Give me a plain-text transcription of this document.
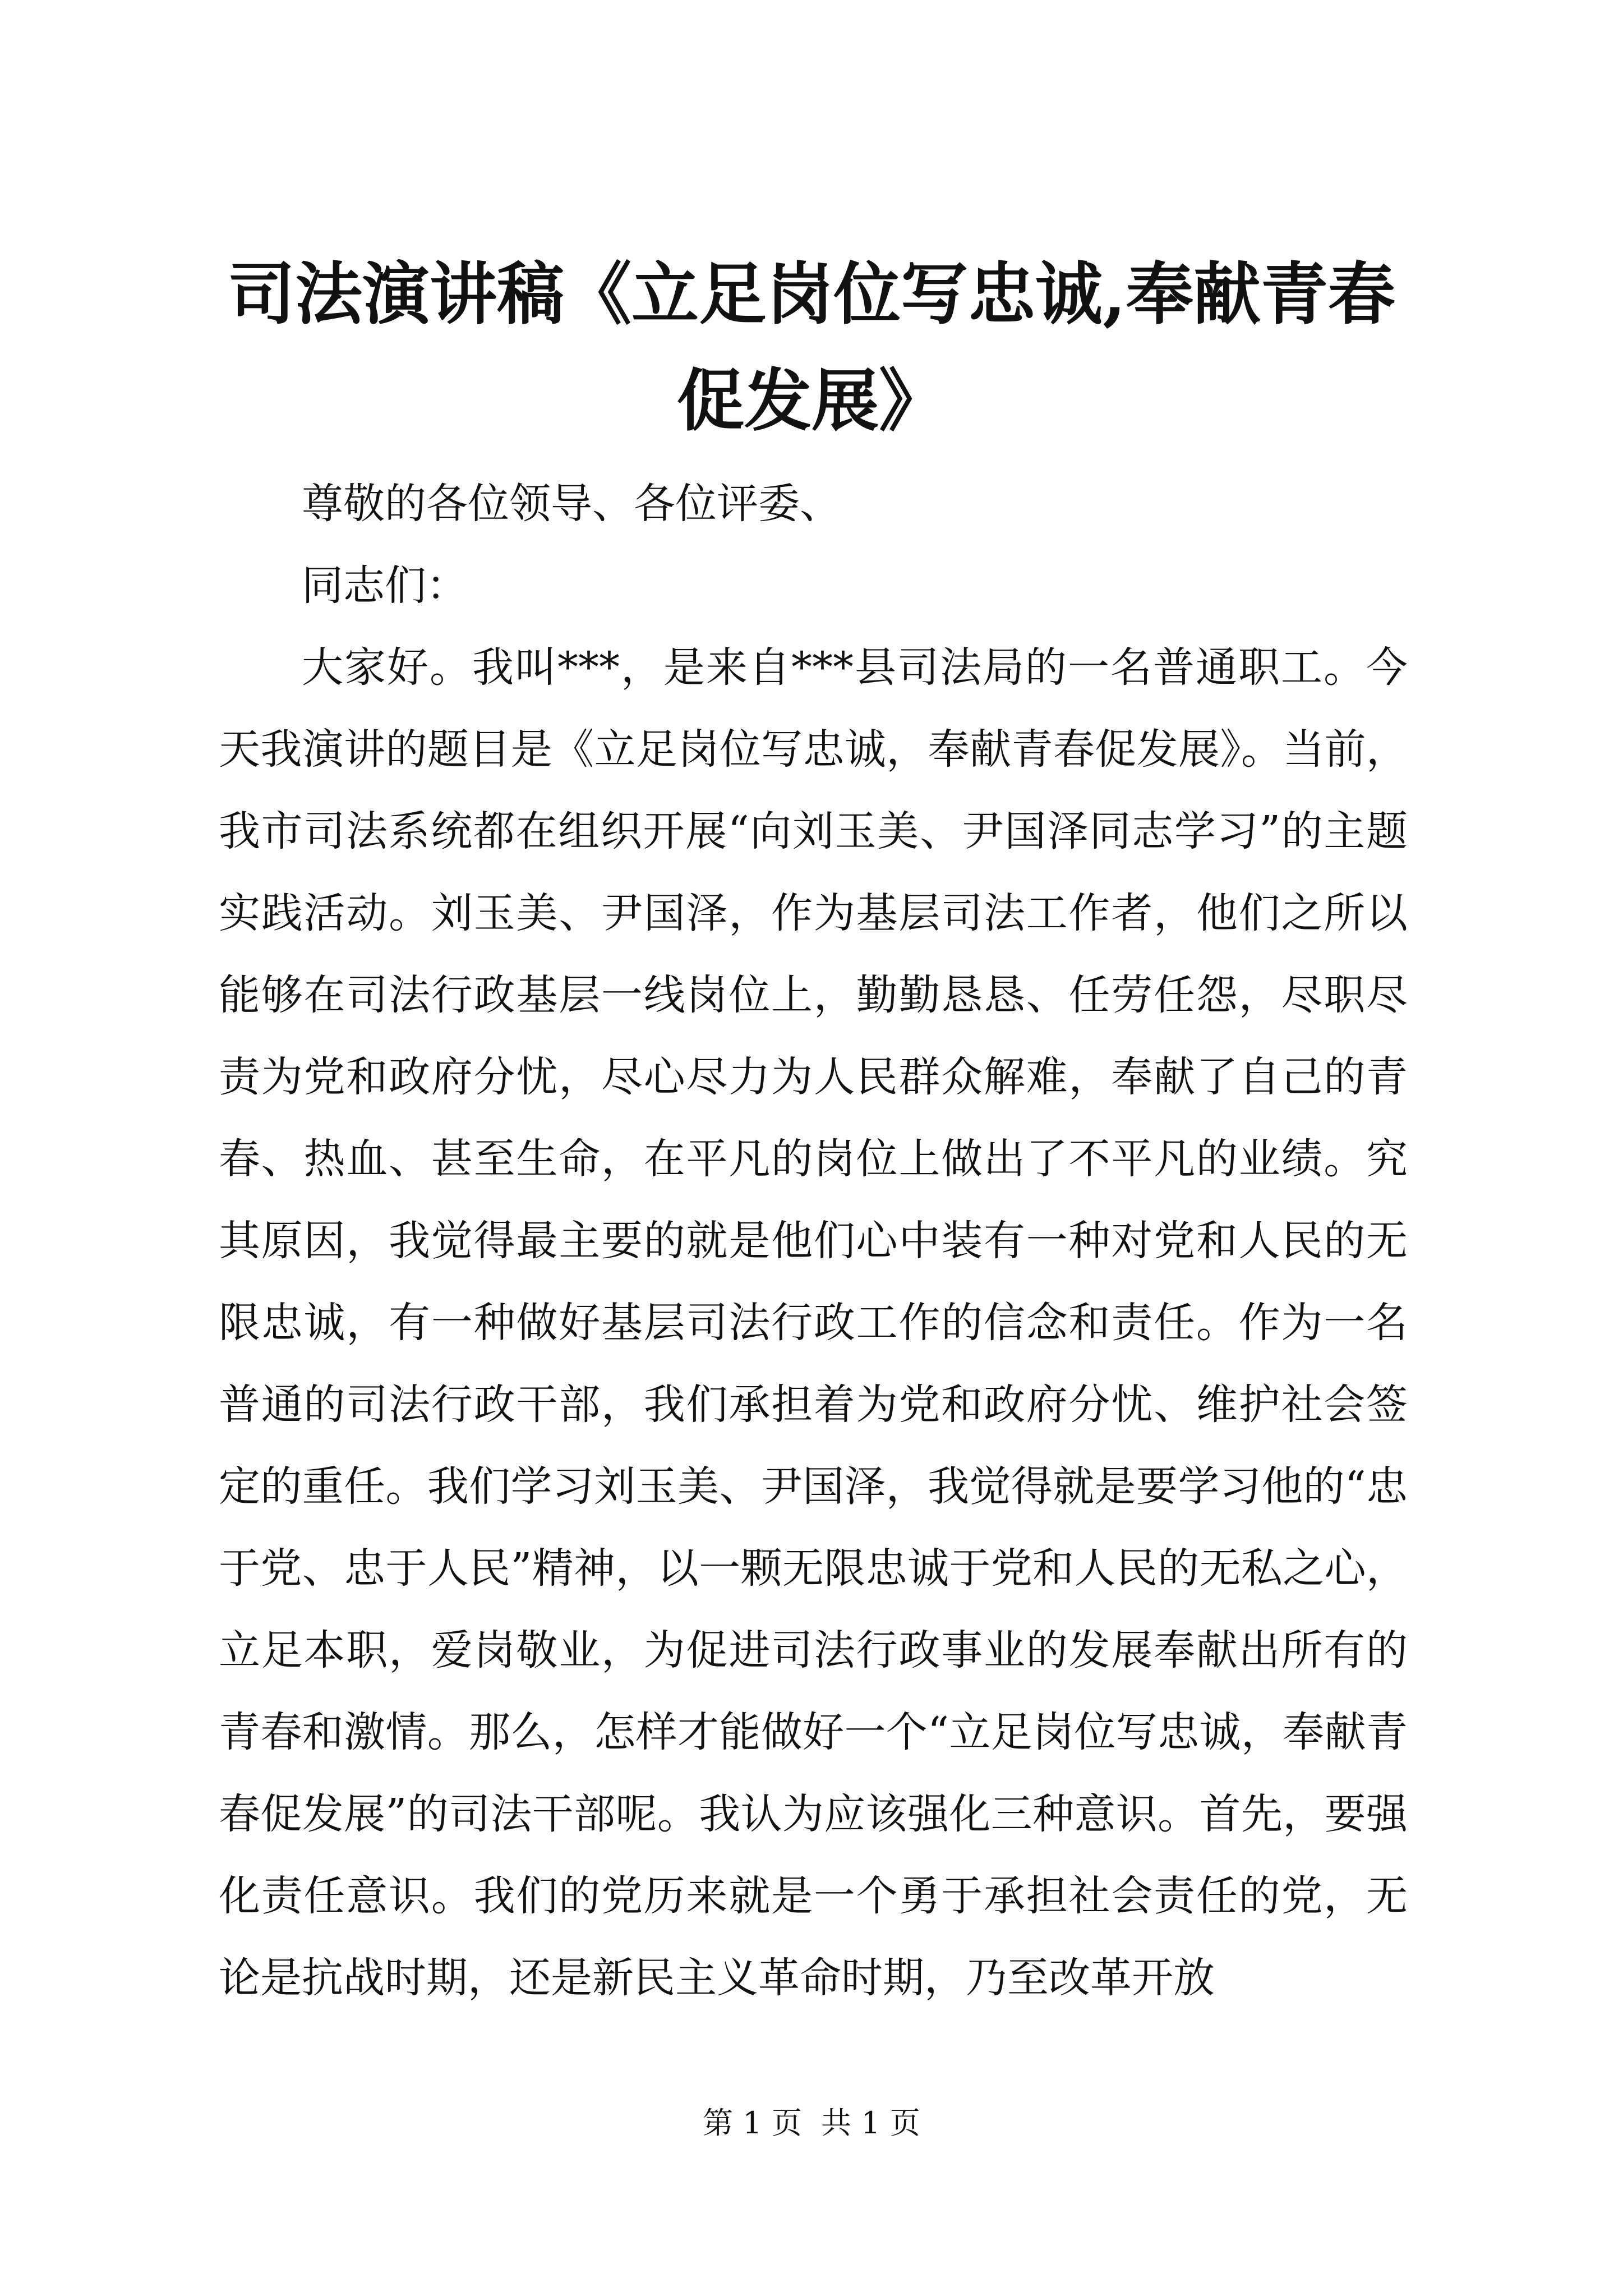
司法演讲稿《立足岗位写忠诚,奉献青春促发展》

尊敬的各位领导、各位评委、

同志们：

大家好。我叫***，是来自***县司法局的一名普通职工。今天我演讲的题目是《立足岗位写忠诚，奉献青春促发展》。当前，我市司法系统都在组织开展“向刘玉美、尹国泽同志学习”的主题实践活动。刘玉美、尹国泽，作为基层司法工作者，他们之所以能够在司法行政基层一线岗位上，勤勤恳恳、任劳任怨，尽职尽责为党和政府分忧，尽心尽力为人民群众解难，奉献了自己的青春、热血、甚至生命，在平凡的岗位上做出了不平凡的业绩。究其原因，我觉得最主要的就是他们心中装有一种对党和人民的无限忠诚，有一种做好基层司法行政工作的信念和责任。作为一名普通的司法行政干部，我们承担着为党和政府分忧、维护社会签定的重任。我们学习刘玉美、尹国泽，我觉得就是要学习他的“忠于党、忠于人民”精神，以一颗无限忠诚于党和人民的无私之心，立足本职，爱岗敬业，为促进司法行政事业的发展奉献出所有的青春和激情。那么，怎样才能做好一个“立足岗位写忠诚，奉献青春促发展”的司法干部呢。我认为应该强化三种意识。首先，要强化责任意识。我们的党历来就是一个勇于承担社会责任的党，无论是抗战时期，还是新民主义革命时期，乃至改革开放

第 1 页  共 1 页
